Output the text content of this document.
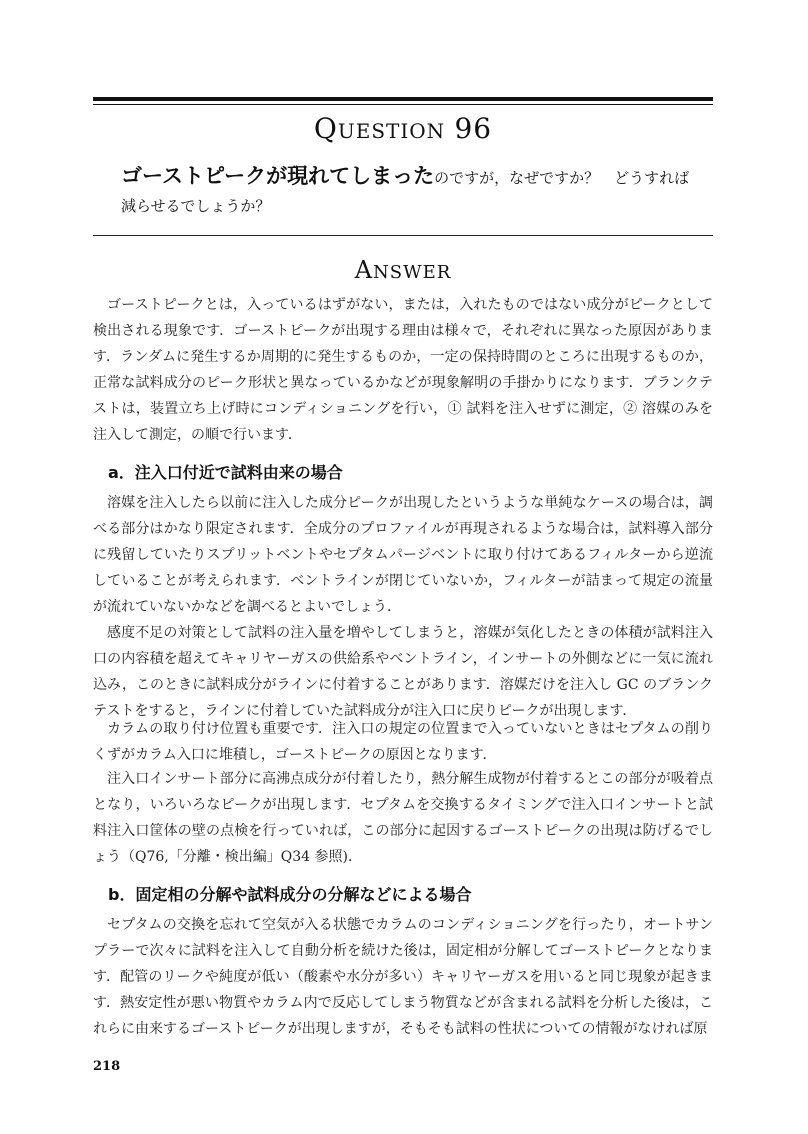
QUESTION 96
ゴーストピークが現れてしまったのですが，なぜですか？　どうすれば
減らせるでしょうか？
ANSWER

ゴーストピークとは，入っているはずがない，または，入れたものではない成分がピークとして検出される現象です．ゴーストピークが出現する理由は様々で，それぞれに異なった原因があります．ランダムに発生するか周期的に発生するものか，一定の保持時間のところに出現するものか，正常な試料成分のピーク形状と異なっているかなどが現象解明の手掛かりになります．ブランクテストは，装置立ち上げ時にコンディショニングを行い，① 試料を注入せずに測定，② 溶媒のみを注入して測定，の順で行います．

a．注入口付近で試料由来の場合

溶媒を注入したら以前に注入した成分ピークが出現したというような単純なケースの場合は，調べる部分はかなり限定されます．全成分のプロファイルが再現されるような場合は，試料導入部分に残留していたりスプリットベントやセプタムパージベントに取り付けてあるフィルターから逆流していることが考えられます．ベントラインが閉じていないか，フィルターが詰まって規定の流量が流れていないかなどを調べるとよいでしょう．

感度不足の対策として試料の注入量を増やしてしまうと，溶媒が気化したときの体積が試料注入口の内容積を超えてキャリヤーガスの供給系やベントライン，インサートの外側などに一気に流れ込み，このときに試料成分がラインに付着することがあります．溶媒だけを注入し GC のブランクテストをすると，ラインに付着していた試料成分が注入口に戻りピークが出現します．

カラムの取り付け位置も重要です．注入口の規定の位置まで入っていないときはセプタムの削りくずがカラム入口に堆積し，ゴーストピークの原因となります．

注入口インサート部分に高沸点成分が付着したり，熱分解生成物が付着するとこの部分が吸着点となり，いろいろなピークが出現します．セプタムを交換するタイミングで注入口インサートと試料注入口筐体の壁の点検を行っていれば，この部分に起因するゴーストピークの出現は防げるでしょう（Q76,「分離・検出編」Q34 参照)．

b．固定相の分解や試料成分の分解などによる場合

セプタムの交換を忘れて空気が入る状態でカラムのコンディショニングを行ったり，オートサンプラーで次々に試料を注入して自動分析を続けた後は，固定相が分解してゴーストピークとなります．配管のリークや純度が低い（酸素や水分が多い）キャリヤーガスを用いると同じ現象が起きます．熱安定性が悪い物質やカラム内で反応してしまう物質などが含まれる試料を分析した後は，これらに由来するゴーストピークが出現しますが，そもそも試料の性状についての情報がなければ原

218
